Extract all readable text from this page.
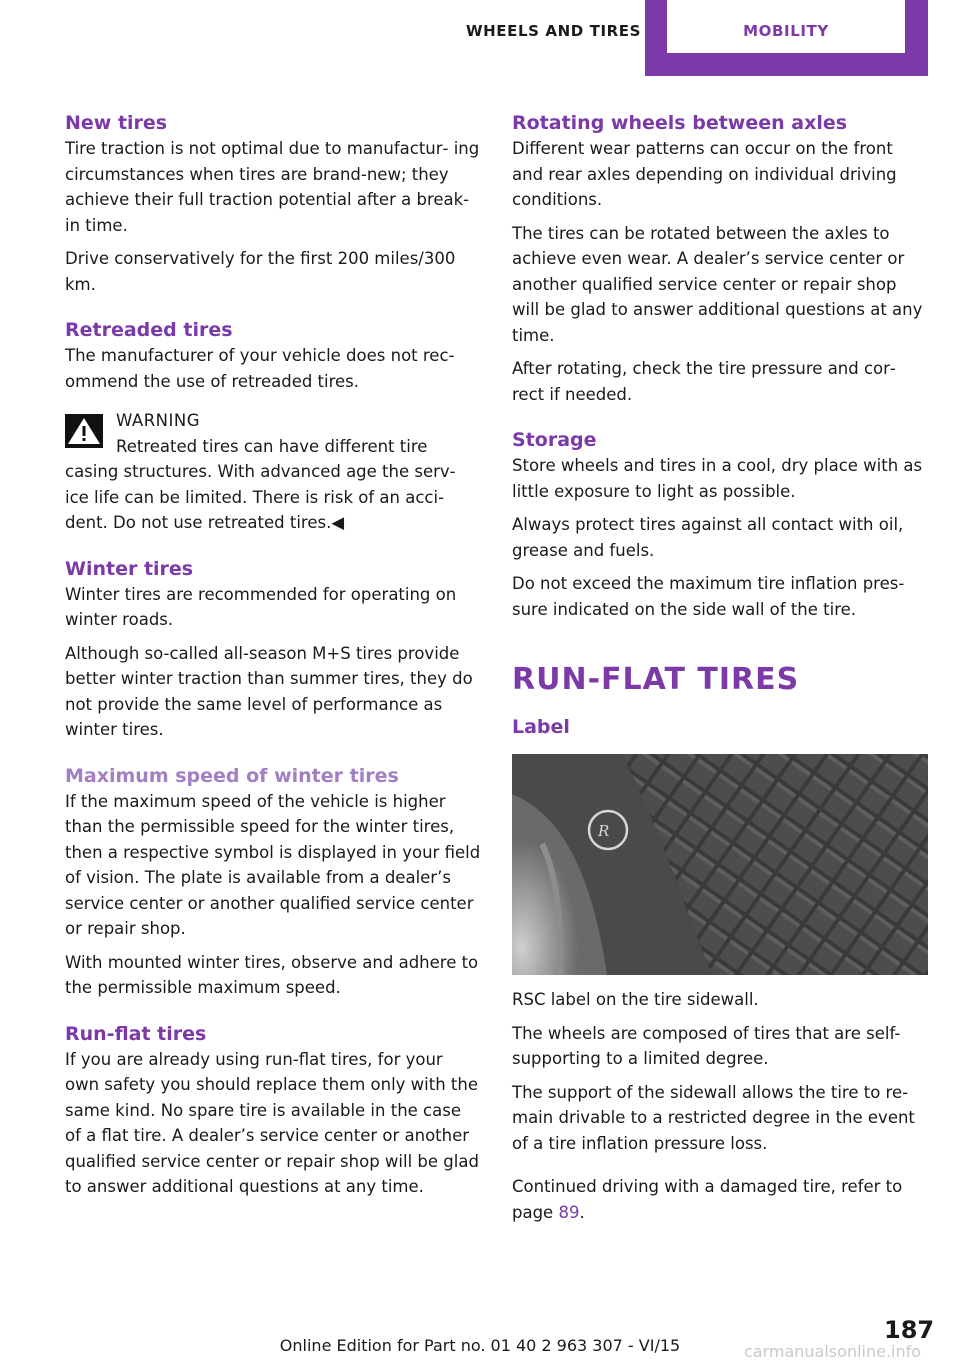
WHEELS AND TIRES	MOBILITY
New tires

Tire traction is not optimal due to manufactur‐ ing circumstances when tires are brand-new; they achieve their full traction potential after a break-in time.

Drive conservatively for the first 200 miles/300 km.

Retreaded tires

The manufacturer of your vehicle does not rec‐ ommend the use of retreaded tires.

WARNING
Retreated tires can have different tire
casing structures. With advanced age the serv‐ ice life can be limited. There is risk of an acci‐ dent. Do not use retreated tires.◀
Winter tires

Winter tires are recommended for operating on winter roads.

Although so-called all-season M+S tires provide better winter traction than summer tires, they do not provide the same level of performance as winter tires.

Maximum speed of winter tires

If the maximum speed of the vehicle is higher than the permissible speed for the winter tires, then a respective symbol is displayed in your field of vision. The plate is available from a dealer’s service center or another qualified service center or repair shop.

With mounted winter tires, observe and adhere to the permissible maximum speed.

Run-flat tires

If you are already using run-flat tires, for your own safety you should replace them only with the same kind. No spare tire is available in the case of a flat tire. A dealer’s service center or another qualified service center or repair shop will be glad to answer additional questions at any time.

Rotating wheels between axles

Different wear patterns can occur on the front and rear axles depending on individual driving conditions.

The tires can be rotated between the axles to achieve even wear. A dealer’s service center or another qualified service center or repair shop will be glad to answer additional questions at any time.

After rotating, check the tire pressure and cor‐ rect if needed.

Storage

Store wheels and tires in a cool, dry place with as little exposure to light as possible.

Always protect tires against all contact with oil, grease and fuels.

Do not exceed the maximum tire inflation pres‐ sure indicated on the side wall of the tire.

RUN-FLAT TIRES
Label
R

RSC label on the tire sidewall.

The wheels are composed of tires that are self- supporting to a limited degree.

The support of the sidewall allows the tire to re‐ main drivable to a restricted degree in the event of a tire inflation pressure loss.

Continued driving with a damaged tire, refer to page 89.

187
Online Edition for Part no. 01 40 2 963 307 - VI/15	carmanualsonline.info
